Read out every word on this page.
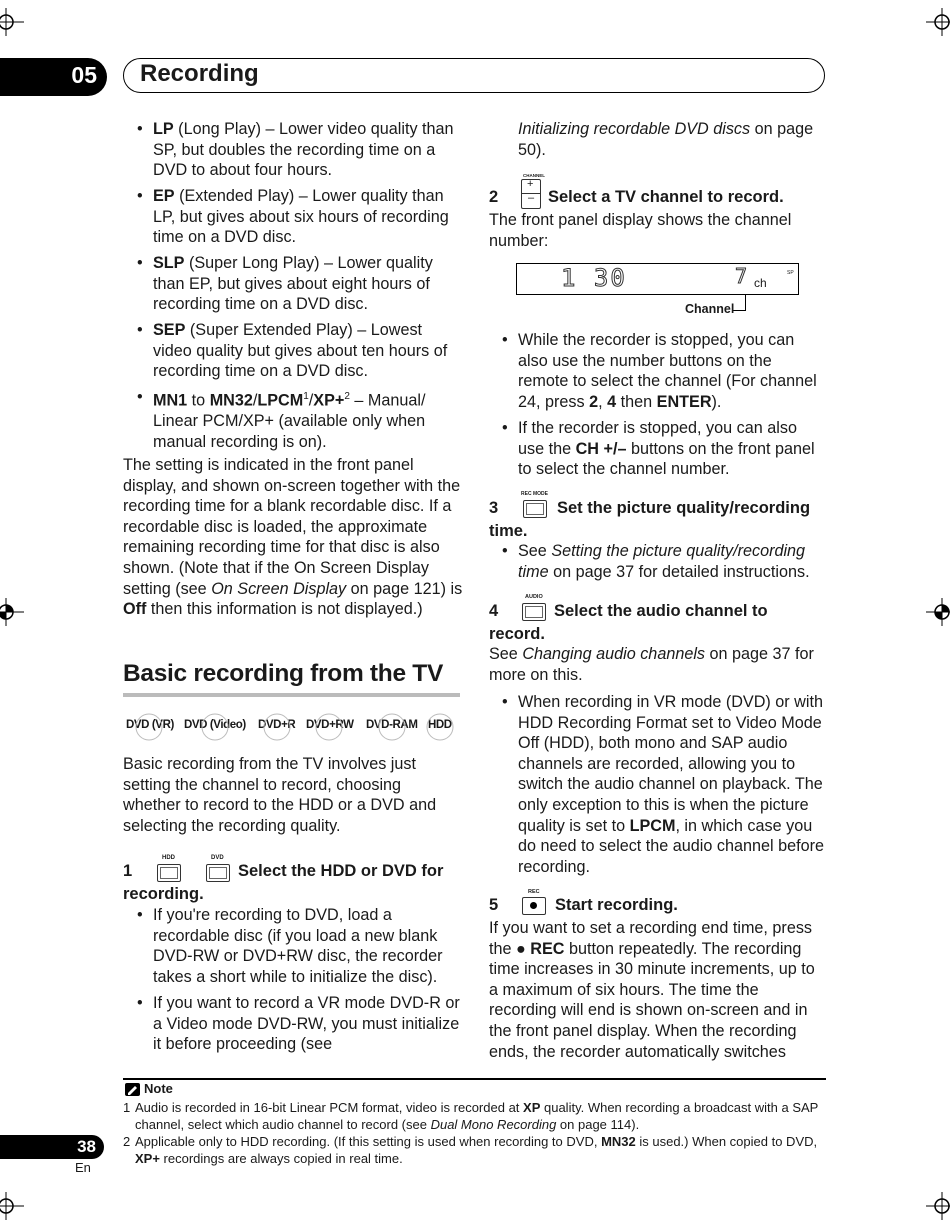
05 Recording
• LP (Long Play) – Lower video quality than SP, but doubles the recording time on a DVD to about four hours.
• EP (Extended Play) – Lower quality than LP, but gives about six hours of recording time on a DVD disc.
• SLP (Super Long Play) – Lower quality than EP, but gives about eight hours of recording time on a DVD disc.
• SEP (Super Extended Play) – Lowest video quality but gives about ten hours of recording time on a DVD disc.
• MN1 to $MN32/LPCM^1/XP+^2$ – Manual/ Linear PCM/XP+ (available only when manual recording is on).
The setting is indicated in the front panel display, and shown on-screen together with the recording time for a blank recordable disc. If a recordable disc is loaded, the approximate remaining recording time for that disc is also shown. (Note that if the On Screen Display setting (see On Screen Display on page 121) is Off then this information is not displayed.)
Basic recording from the TV
DVD (VR) DVD (Video) DVD+R DVD+RW DVD-RAM HDD
Basic recording from the TV involves just setting the channel to record, choosing whether to record to the HDD or a DVD and selecting the recording quality.
1
HDD	DVD
Select the HDD or DVD for
recording.
• If you're recording to DVD, load a recordable disc (if you load a new blank DVD-RW or DVD+RW disc, the recorder takes a short while to initialize the disc).
• If you want to record a VR mode DVD-R or a Video mode DVD-RW, you must initialize it before proceeding (see
Initializing recordable DVD discs on page 50).
2
CHANNEL
+
– Select a TV channel to record.
The front panel display shows the channel number:
1 30	7 ch
SP
Channel
• While the recorder is stopped, you can also use the number buttons on the remote to select the channel (For channel 24, press 2, 4 then ENTER).
• If the recorder is stopped, you can also use the CH +/– buttons on the front panel to select the channel number.
3
REC MODE
Set the picture quality/recording
time.
• See Setting the picture quality/recording time on page 37 for detailed instructions.
4
AUDIO
Select the audio channel to
record.
See Changing audio channels on page 37 for more on this.
• When recording in VR mode (DVD) or with HDD Recording Format set to Video Mode Off (HDD), both mono and SAP audio channels are recorded, allowing you to switch the audio channel on playback. The only exception to this is when the picture quality is set to LPCM, in which case you do need to select the audio channel before recording.
5
REC
Start recording.
If you want to set a recording end time, press the ● REC button repeatedly. The recording time increases in 30 minute increments, up to a maximum of six hours. The time the recording will end is shown on-screen and in the front panel display. When the recording ends, the recorder automatically switches
Note
1 Audio is recorded in 16-bit Linear PCM format, video is recorded at XP quality. When recording a broadcast with a SAP channel, select which audio channel to record (see Dual Mono Recording on page 114).
2 Applicable only to HDD recording. (If this setting is used when recording to DVD, MN32 is used.) When copied to DVD, XP+ recordings are always copied in real time.
38
En
